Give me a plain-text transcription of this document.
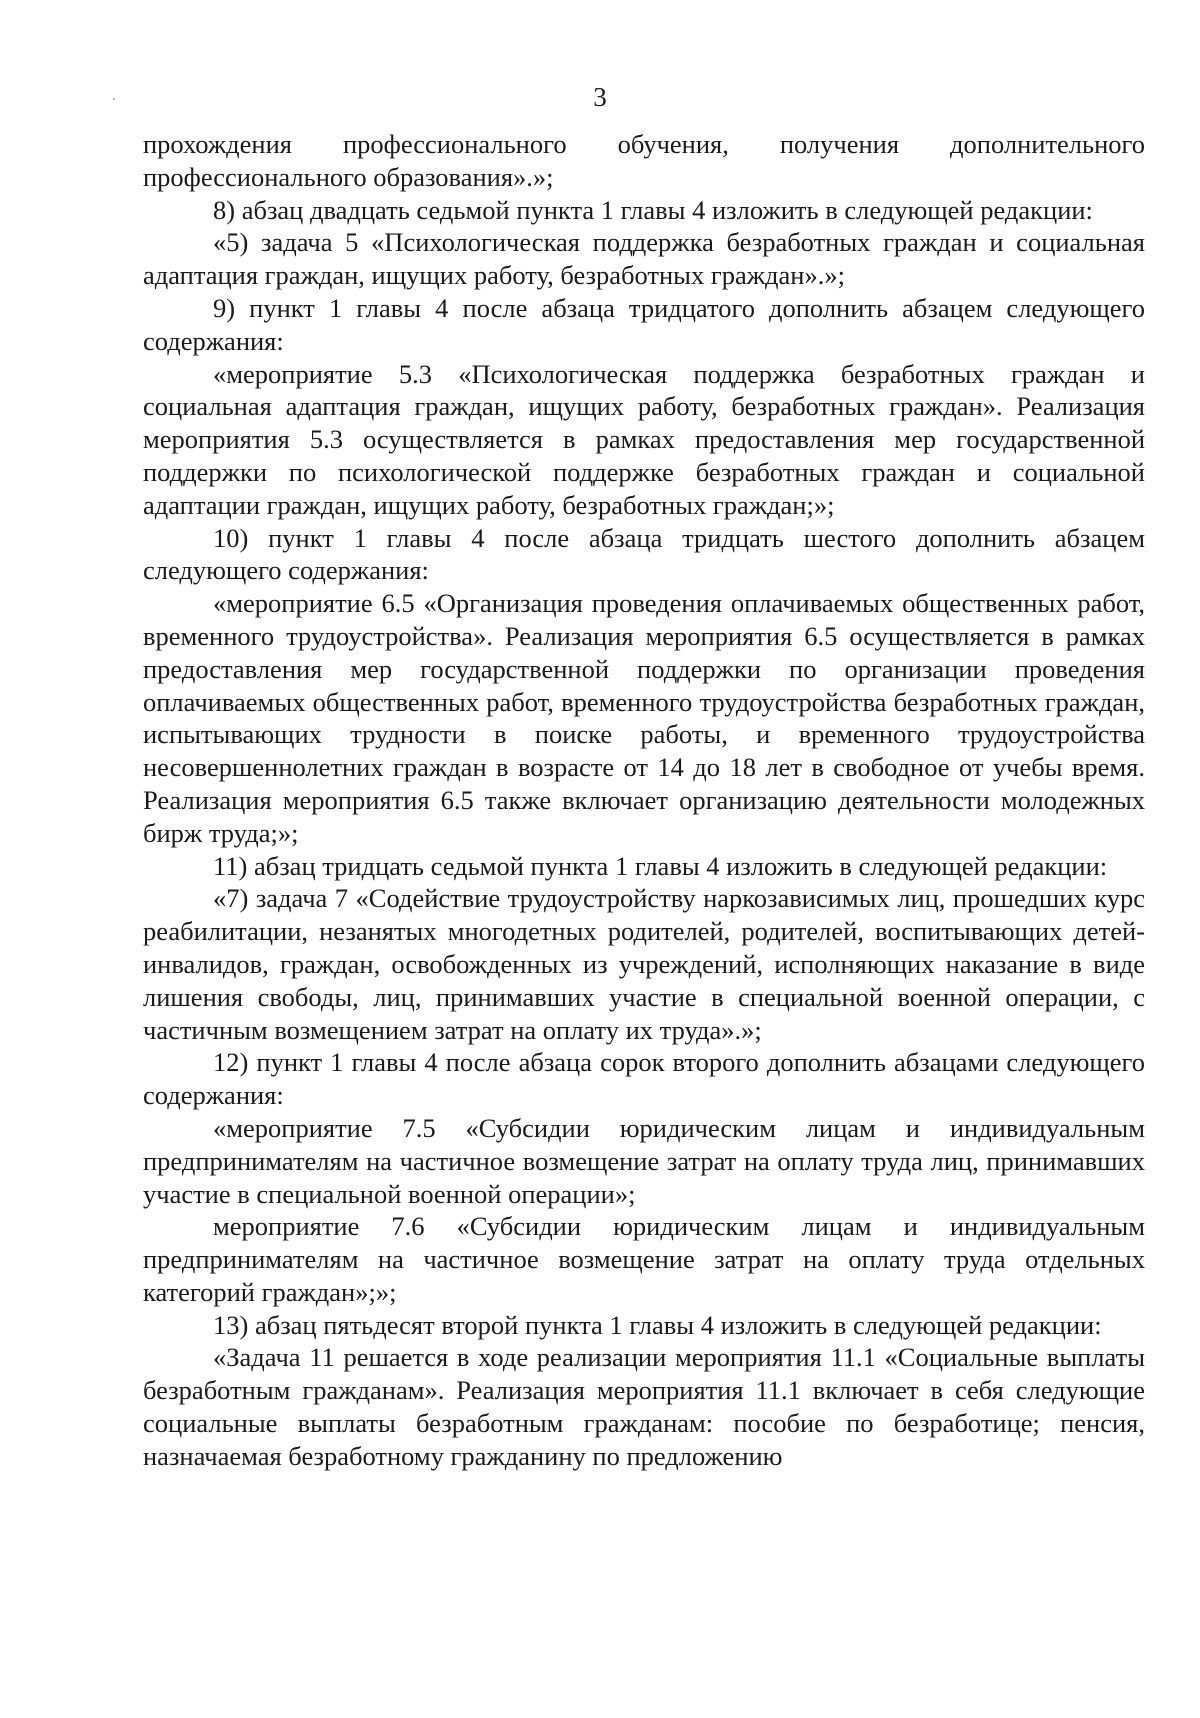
3

прохождения профессионального обучения, получения дополнительного профессионального образования».»;

8) абзац двадцать седьмой пункта 1 главы 4 изложить в следующей редакции:

«5) задача 5 «Психологическая поддержка безработных граждан и социальная адаптация граждан, ищущих работу, безработных граждан».»;

9) пункт 1 главы 4 после абзаца тридцатого дополнить абзацем следующего содержания:

«мероприятие 5.3 «Психологическая поддержка безработных граждан и социальная адаптация граждан, ищущих работу, безработных граждан». Реализация мероприятия 5.3 осуществляется в рамках предоставления мер государственной поддержки по психологической поддержке безработных граждан и социальной адаптации граждан, ищущих работу, безработных граждан;»;

10) пункт 1 главы 4 после абзаца тридцать шестого дополнить абзацем следующего содержания:

«мероприятие 6.5 «Организация проведения оплачиваемых общественных работ, временного трудоустройства». Реализация мероприятия 6.5 осуществляется в рамках предоставления мер государственной поддержки по организации проведения оплачиваемых общественных работ, временного трудоустройства безработных граждан, испытывающих трудности в поиске работы, и временного трудоустройства несовершеннолетних граждан в возрасте от 14 до 18 лет в свободное от учебы время. Реализация мероприятия 6.5 также включает организацию деятельности молодежных бирж труда;»;

11) абзац тридцать седьмой пункта 1 главы 4 изложить в следующей редакции:

«7) задача 7 «Содействие трудоустройству наркозависимых лиц, прошедших курс реабилитации, незанятых многодетных родителей, родителей, воспитывающих детей-инвалидов, граждан, освобожденных из учреждений, исполняющих наказание в виде лишения свободы, лиц, принимавших участие в специальной военной операции, с частичным возмещением затрат на оплату их труда».»;

12) пункт 1 главы 4 после абзаца сорок второго дополнить абзацами следующего содержания:

«мероприятие 7.5 «Субсидии юридическим лицам и индивидуальным предпринимателям на частичное возмещение затрат на оплату труда лиц, принимавших участие в специальной военной операции»;

мероприятие 7.6 «Субсидии юридическим лицам и индивидуальным предпринимателям на частичное возмещение затрат на оплату труда отдельных категорий граждан»;»;

13) абзац пятьдесят второй пункта 1 главы 4 изложить в следующей редакции:

«Задача 11 решается в ходе реализации мероприятия 11.1 «Социальные выплаты безработным гражданам». Реализация мероприятия 11.1 включает в себя следующие социальные выплаты безработным гражданам: пособие по безработице; пенсия, назначаемая безработному гражданину по предложению
